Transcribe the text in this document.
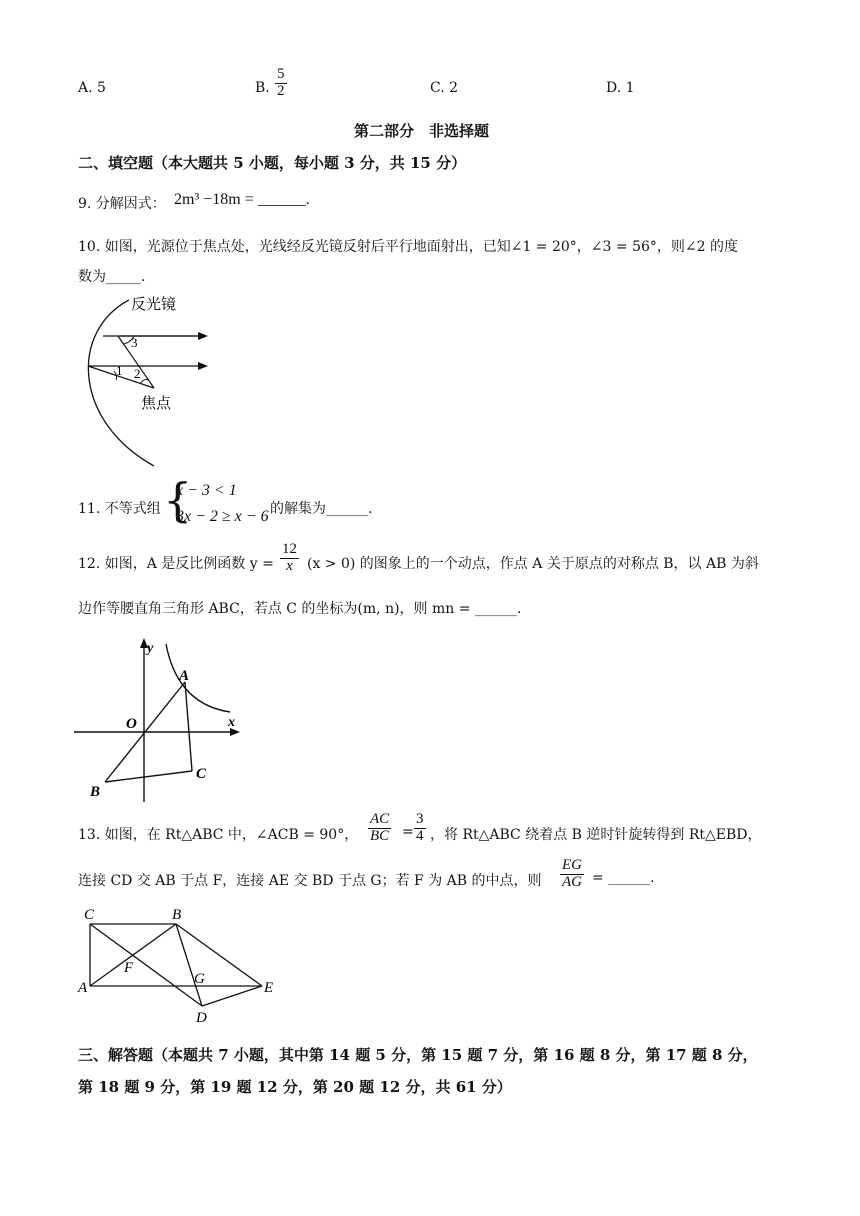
A. 5	B. $\frac{5}{2}$	C. 2	D. 1
第二部分　非选择题
二、填空题（本大题共 5 小题，每小题 3 分，共 15 分）
9. 分解因式： 2m³ −18m = ______.
10. 如图，光源位于焦点处，光线经反光镜反射后平行地面射出，已知∠1 = 20°，∠3 = 56°，则∠2 的度
数为_____.
反光镜
3
1 2
焦点
11. 不等式组 {
x − 3 < 1
3x − 2 ≥ x − 6 的解集为______.
12. 如图，A 是反比例函数 $y = \frac{12}{x} (x > 0)$ 的图象上的一个动点，作点 A 关于原点的对称点 B，以 AB 为斜
边作等腰直角三角形 ABC，若点 C 的坐标为(m, n)，则 mn = ______.
y
x
O
A
B
C
13. 如图，在 Rt△ABC 中，∠ACB = 90°， $\frac{AC}{BC} = \frac{3}{4}$ ，将 Rt△ABC 绕着点 B 逆时针旋转得到 Rt△EBD，
连接 CD 交 AB 于点 F，连接 AE 交 BD 于点 G；若 F 为 AB 的中点，则 $\frac{EG}{AG}$ = ______.
C	B
F
A
G
E
D
三、解答题（本题共 7 小题，其中第 14 题 5 分，第 15 题 7 分，第 16 题 8 分，第 17 题 8 分，
第 18 题 9 分，第 19 题 12 分，第 20 题 12 分，共 61 分）
